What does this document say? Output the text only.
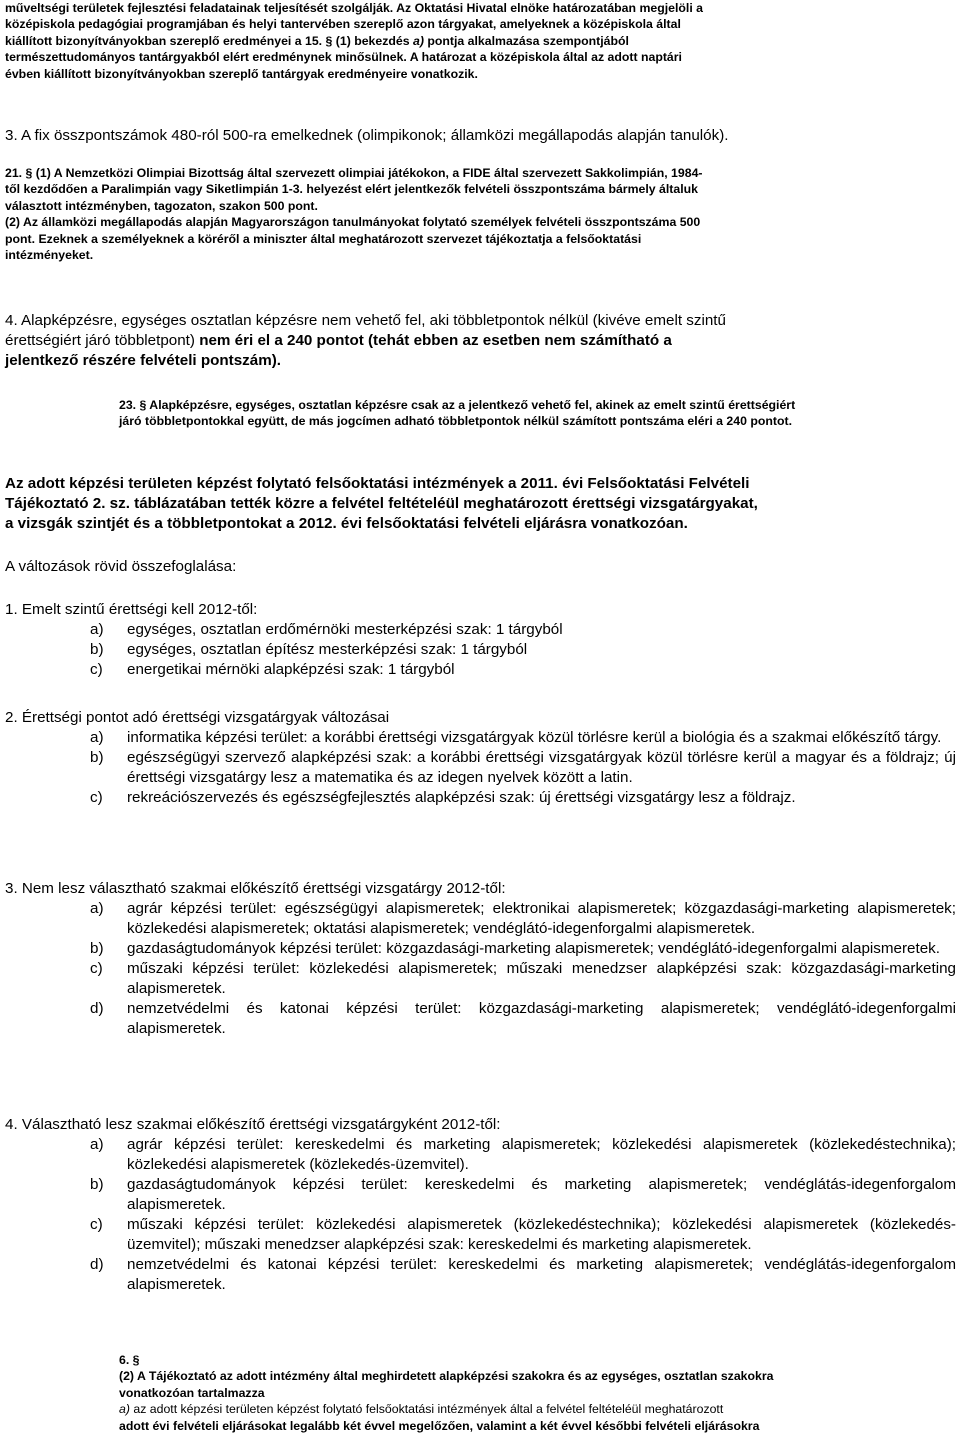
műveltségi területek fejlesztési feladatainak teljesítését szolgálják. Az Oktatási Hivatal elnöke határozatában megjelöli a
középiskola pedagógiai programjában és helyi tantervében szereplő azon tárgyakat, amelyeknek a középiskola által
kiállított bizonyítványokban szereplő eredményei a 15. § (1) bekezdés a) pontja alkalmazása szempontjából
természettudományos tantárgyakból elért eredménynek minősülnek. A határozat a középiskola által az adott naptári
évben kiállított bizonyítványokban szereplő tantárgyak eredményeire vonatkozik.
3. A fix összpontszámok 480-ról 500-ra emelkednek (olimpikonok; államközi megállapodás alapján tanulók).
21. § (1) A Nemzetközi Olimpiai Bizottság által szervezett olimpiai játékokon, a FIDE által szervezett Sakkolimpián, 1984-
től kezdődően a Paralimpián vagy Siketlimpián 1-3. helyezést elért jelentkezők felvételi összpontszáma bármely általuk
választott intézményben, tagozaton, szakon 500 pont.
(2) Az államközi megállapodás alapján Magyarországon tanulmányokat folytató személyek felvételi összpontszáma 500
pont. Ezeknek a személyeknek a köréről a miniszter által meghatározott szervezet tájékoztatja a felsőoktatási
intézményeket.
4. Alapképzésre, egységes osztatlan képzésre nem vehető fel, aki többletpontok nélkül (kivéve emelt szintű
érettségiért járó többletpont) nem éri el a 240 pontot (tehát ebben az esetben nem számítható a
jelentkező részére felvételi pontszám).
23. § Alapképzésre, egységes, osztatlan képzésre csak az a jelentkező vehető fel, akinek az emelt szintű érettségiért
járó többletpontokkal együtt, de más jogcímen adható többletpontok nélkül számított pontszáma eléri a 240 pontot.
Az adott képzési területen képzést folytató felsőoktatási intézmények a 2011. évi Felsőoktatási Felvételi
Tájékoztató 2. sz. táblázatában tették közre a felvétel feltételéül meghatározott érettségi vizsgatárgyakat,
a vizsgák szintjét és a többletpontokat a 2012. évi felsőoktatási felvételi eljárásra vonatkozóan.
A változások rövid összefoglalása:
1. Emelt szintű érettségi kell 2012-től:
a) egységes, osztatlan erdőmérnöki mesterképzési szak: 1 tárgyból
b) egységes, osztatlan építész mesterképzési szak: 1 tárgyból
c) energetikai mérnöki alapképzési szak: 1 tárgyból
2. Érettségi pontot adó érettségi vizsgatárgyak változásai
a) informatika képzési terület: a korábbi érettségi vizsgatárgyak közül törlésre kerül a biológia és a szakmai előkészítő tárgy.
b) egészségügyi szervező alapképzési szak: a korábbi érettségi vizsgatárgyak közül törlésre kerül a magyar és a földrajz; új érettségi vizsgatárgy lesz a matematika és az idegen nyelvek között a latin.
c) rekreációszervezés és egészségfejlesztés alapképzési szak: új érettségi vizsgatárgy lesz a földrajz.
3. Nem lesz választható szakmai előkészítő érettségi vizsgatárgy 2012-től:
a) agrár képzési terület: egészségügyi alapismeretek; elektronikai alapismeretek; közgazdasági-marketing alapismeretek; közlekedési alapismeretek; oktatási alapismeretek; vendéglátó-idegenforgalmi alapismeretek.
b) gazdaságtudományok képzési terület: közgazdasági-marketing alapismeretek; vendéglátó-idegenforgalmi alapismeretek.
c) műszaki képzési terület: közlekedési alapismeretek; műszaki menedzser alapképzési szak: közgazdasági-marketing alapismeretek.
d) nemzetvédelmi és katonai képzési terület: közgazdasági-marketing alapismeretek; vendéglátó-idegenforgalmi alapismeretek.
4. Választható lesz szakmai előkészítő érettségi vizsgatárgyként 2012-től:
a) agrár képzési terület: kereskedelmi és marketing alapismeretek; közlekedési alapismeretek (közlekedéstechnika); közlekedési alapismeretek (közlekedés-üzemvitel).
b) gazdaságtudományok képzési terület: kereskedelmi és marketing alapismeretek; vendéglátás-idegenforgalom alapismeretek.
c) műszaki képzési terület: közlekedési alapismeretek (közlekedéstechnika); közlekedési alapismeretek (közlekedés-üzemvitel); műszaki menedzser alapképzési szak: kereskedelmi és marketing alapismeretek.
d) nemzetvédelmi és katonai képzési terület: kereskedelmi és marketing alapismeretek; vendéglátás-idegenforgalom alapismeretek.
6. §
(2) A Tájékoztató az adott intézmény által meghirdetett alapképzési szakokra és az egységes, osztatlan szakokra
vonatkozóan tartalmazza
a) az adott képzési területen képzést folytató felsőoktatási intézmények által a felvétel feltételéül meghatározott
adott évi felvételi eljárásokat legalább két évvel megelőzően, valamint a két évvel későbbi felvételi eljárásokra
